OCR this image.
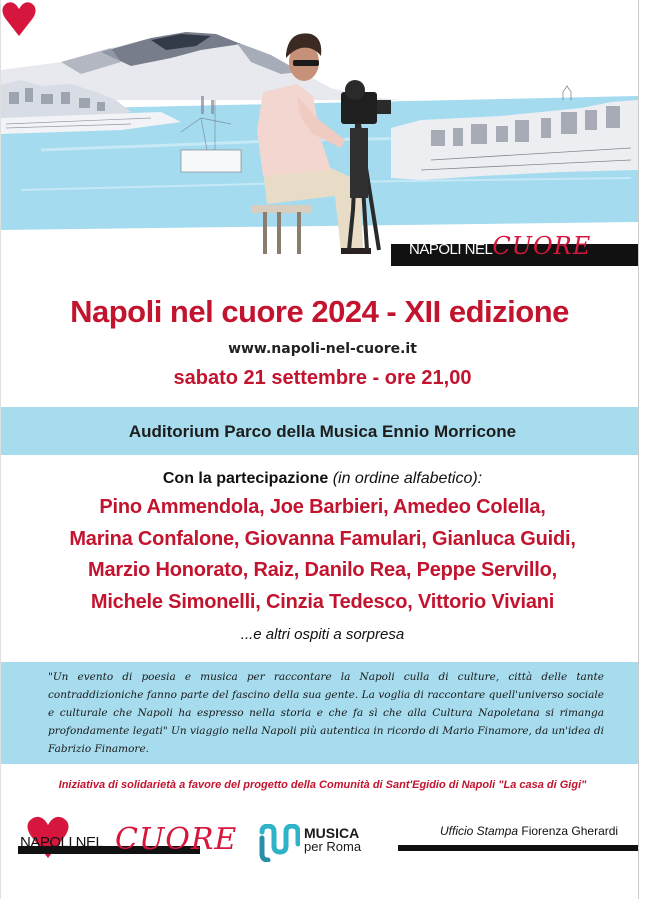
NAPOLI NELCUORE
Napoli nel cuore 2024 - XII edizione
www.napoli-nel-cuore.it
sabato 21 settembre - ore 21,00
Auditorium Parco della Musica Ennio Morricone
Con la partecipazione (in ordine alfabetico):
Pino Ammendola, Joe Barbieri, Amedeo Colella,
Marina Confalone, Giovanna Famulari, Gianluca Guidi,
Marzio Honorato, Raiz, Danilo Rea, Peppe Servillo,
Michele Simonelli, Cinzia Tedesco, Vittorio Viviani
...e altri ospiti a sorpresa
"Un evento di poesia e musica per raccontare la Napoli culla di culture, città delle tante contraddizioniche fanno parte del fascino della sua gente. La voglia di raccontare quell'universo sociale e culturale che Napoli ha espresso nella storia e che fa sì che alla Cultura Napoletana si rimanga profondamente legati" Un viaggio nella Napoli più autentica in ricordo di Mario Finamore, da un'idea di Fabrizio Finamore.
Iniziativa di solidarietà a favore del progetto della Comunità di Sant'Egidio di Napoli "La casa di Gigi"
NAPOLI NEL CUORE	MUSICA
per Roma
Ufficio Stampa Fiorenza Gherardi
